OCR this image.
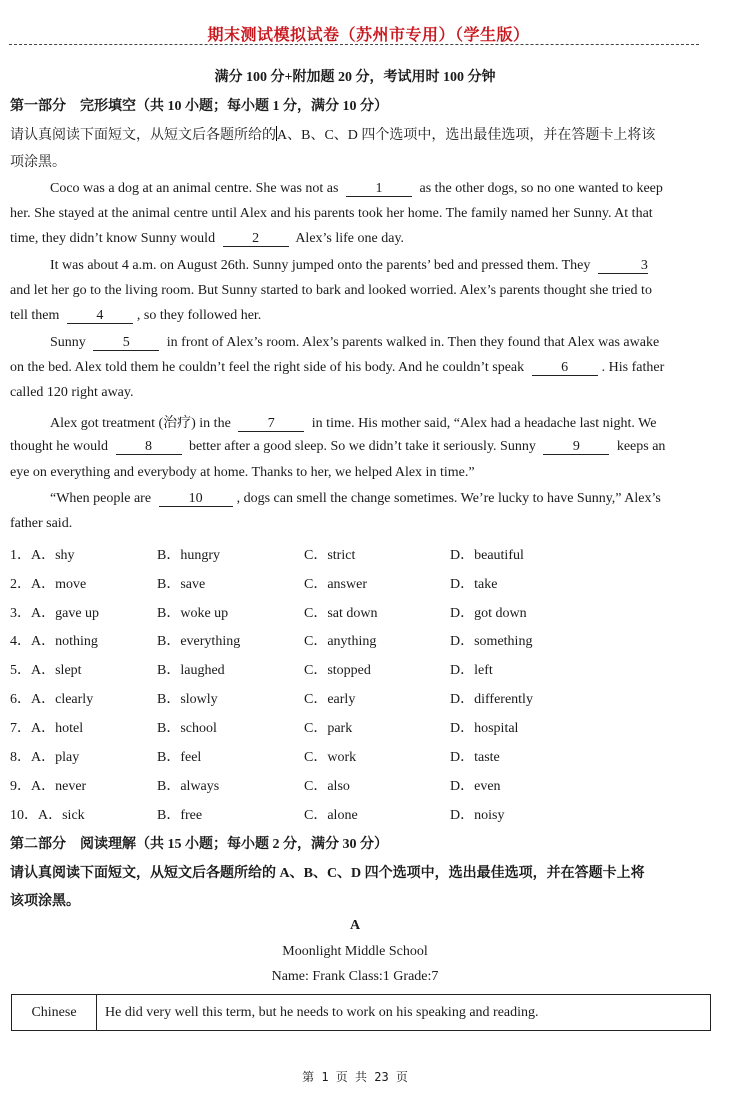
期末测试模拟试卷（苏州市专用）（学生版）
满分 100 分+附加题 20 分，考试用时 100 分钟
第一部分　完形填空（共 10 小题；每小题 1 分，满分 10 分）
请认真阅读下面短文，从短文后各题所给的A、B、C、D 四个选项中，选出最佳选项，并在答题卡上将该
项涂黑。
Coco was a dog at an animal centre. She was not as	1	as the other dogs, so no one wanted to keep
her. She stayed at the animal centre until Alex and his parents took her home. The family named her Sunny. At that
time, they didn’t know Sunny would	2	Alex’s life one day.
It was about 4 a.m. on August 26th. Sunny jumped onto the parents’ bed and pressed them. They	3
and let her go to the living room. But Sunny started to bark and looked worried. Alex’s parents thought she tried to
tell them	4 , so they followed her.
Sunny	5	in front of Alex’s room. Alex’s parents walked in. Then they found that Alex was awake
on the bed. Alex told them he couldn’t feel the right side of his body. And he couldn’t speak	6 . His father
called 120 right away.
Alex got treatment (治疗) in the	7	in time. His mother said, “Alex had a headache last night. We
thought he would	8	better after a good sleep. So we didn’t take it seriously. Sunny	9	keeps an
eye on everything and everybody at home. Thanks to her, we helped Alex in time.”
“When people are	10 , dogs can smell the change sometimes. We’re lucky to have Sunny,” Alex’s
father said.
1．A．shy	B．hungry	C．strict	D．beautiful
2．A．move	B．save	C．answer	D．take
3．A．gave up	B．woke up	C．sat down	D．got down
4．A．nothing	B．everything	C．anything	D．something
5．A．slept	B．laughed	C．stopped	D．left
6．A．clearly	B．slowly	C．early	D．differently
7．A．hotel	B．school	C．park	D．hospital
8．A．play	B．feel	C．work	D．taste
9．A．never	B．always	C．also	D．even
10．A．sick	B．free	C．alone	D．noisy
第二部分　阅读理解（共 15 小题；每小题 2 分，满分 30 分）
请认真阅读下面短文，从短文后各题所给的 A、B、C、D 四个选项中，选出最佳选项，并在答题卡上将
该项涂黑。
A
Moonlight Middle School
Name: Frank Class:1 Grade:7
Chinese	He did very well this term, but he needs to work on his speaking and reading.
第 1 页 共 23 页
